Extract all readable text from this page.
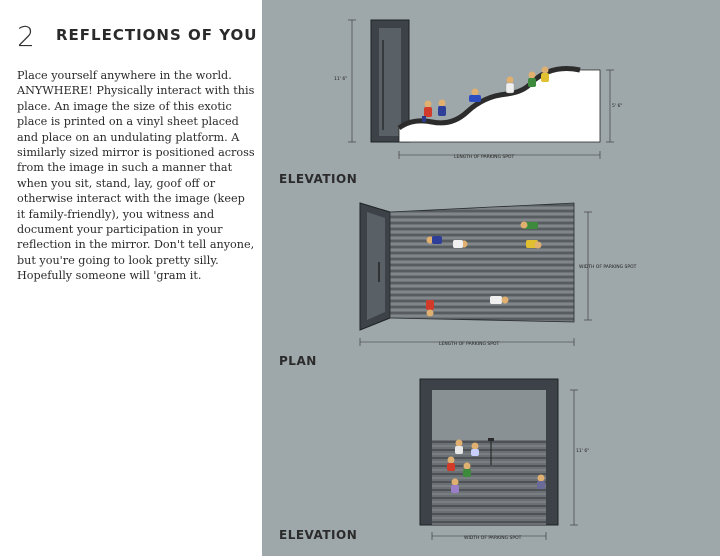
2 REFLECTIONS OF YOU
Place yourself anywhere in the world. ANYWHERE! Physically interact with this place. An image the size of this exotic place is printed on a vinyl sheet placed and place on an undulating platform. A similarly sized mirror is positioned across from the image in such a manner that when you sit, stand, lay, goof off or otherwise interact with the image (keep it family-friendly), you witness and document your participation in your reflection in the mirror. Don't tell anyone, but you're going to look pretty silly. Hopefully someone will 'gram it.
11' 6"
5' 6"
LENGTH OF PARKING SPOT
ELEVATION
WIDTH OF PARKING SPOT
LENGTH OF PARKING SPOT
PLAN
11' 6"
WIDTH OF PARKING SPOT
ELEVATION
